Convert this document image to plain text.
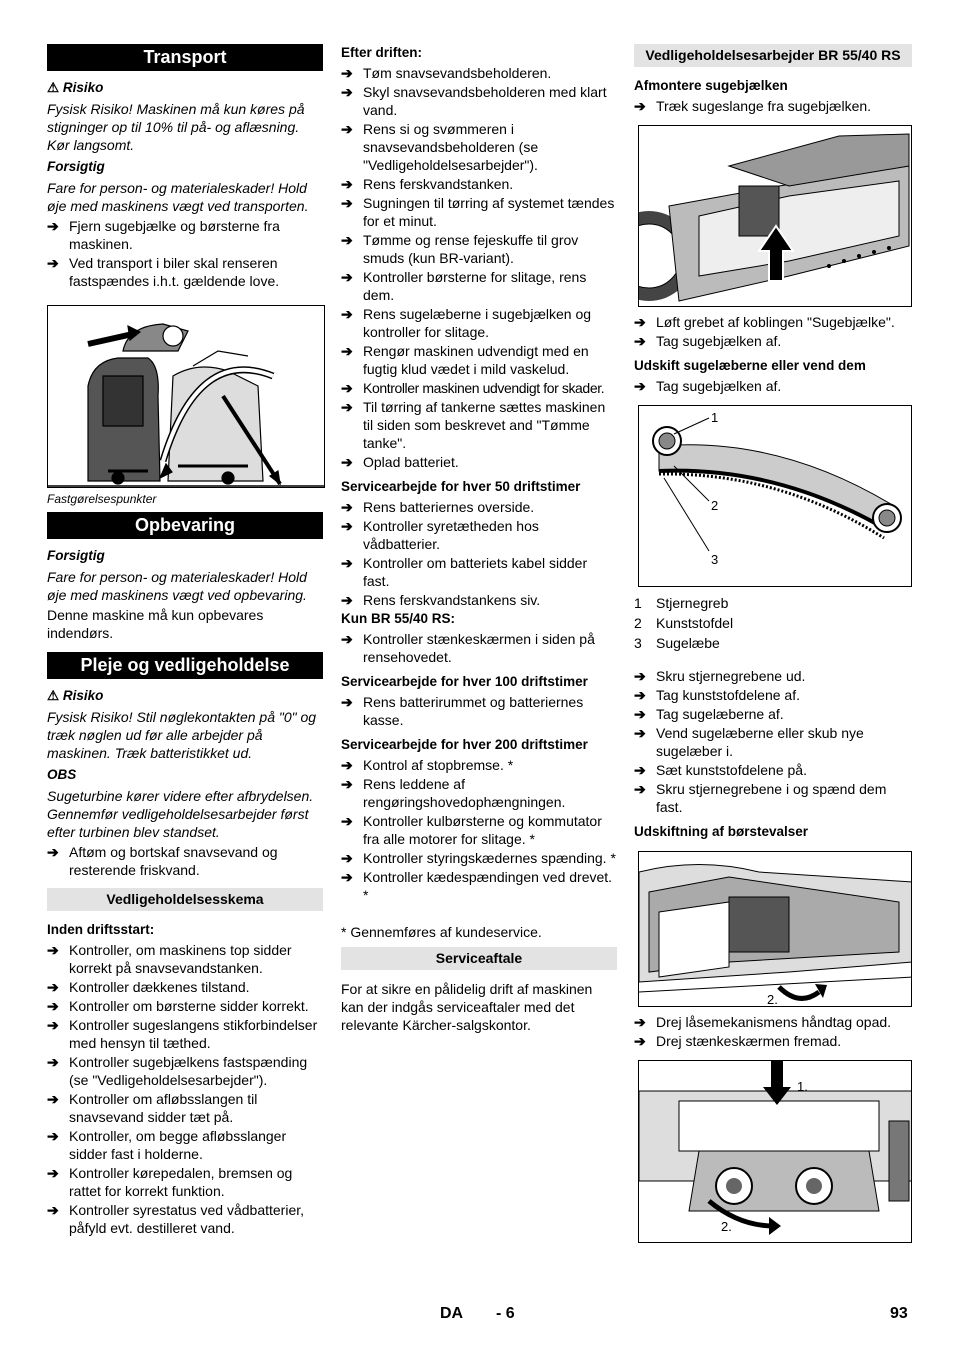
Transport
⚠ Risiko
Fysisk Risiko! Maskinen må kun køres på stigninger op til 10% til på- og aflæsning. Kør langsomt.
Forsigtig
Fare for person- og materialeskader! Hold øje med maskinens vægt ved transporten.
➔ Fjern sugebjælke og børsterne fra maskinen.
➔ Ved transport i biler skal renseren fastspændes i.h.t. gældende love.
Fastgørelsespunkter
Opbevaring
Forsigtig
Fare for person- og materialeskader! Hold øje med maskinens vægt ved opbevaring.

Denne maskine må kun opbevares indendørs.

Pleje og vedligeholdelse
⚠ Risiko
Fysisk Risiko! Stil nøglekontakten på "0" og træk nøglen ud før alle arbejder på maskinen. Træk batteristikket ud.
OBS
Sugeturbine kører videre efter afbrydelsen. Gennemfør vedligeholdelsesarbejder først efter turbinen blev standset.
➔ Aftøm og bortskaf snavsevand og resterende friskvand.
Vedligeholdelsesskema
Inden driftsstart:
➔ Kontroller, om maskinens top sidder korrekt på snavsevandstanken.
➔ Kontroller dækkenes tilstand.
➔ Kontroller om børsterne sidder korrekt.
➔ Kontroller sugeslangens stikforbindelser med hensyn til tæthed.
➔ Kontroller sugebjælkens fastspænding (se "Vedligeholdelsesarbejder").
➔ Kontroller om afløbsslangen til snavsevand sidder tæt på.
➔ Kontroller, om begge afløbsslanger sidder fast i holderne.
➔ Kontroller kørepedalen, bremsen og rattet for korrekt funktion.
➔ Kontroller syrestatus ved vådbatterier, påfyld evt. destilleret vand.
Efter driften:
➔ Tøm snavsevandsbeholderen.
➔ Skyl snavsevandsbeholderen med klart vand.
➔ Rens si og svømmeren i snavsevandsbeholderen (se "Vedligeholdelsesarbejder").
➔ Rens ferskvandstanken.
➔ Sugningen til tørring af systemet tændes for et minut.
➔ Tømme og rense fejeskuffe til grov smuds (kun BR-variant).
➔ Kontroller børsterne for slitage, rens dem.
➔ Rens sugelæberne i sugebjælken og kontroller for slitage.
➔ Rengør maskinen udvendigt med en fugtig klud vædet i mild vaskelud.
➔ Kontroller maskinen udvendigt for skader.
➔ Til tørring af tankerne sættes maskinen til siden som beskrevet and "Tømme tanke".
➔ Oplad batteriet.
Servicearbejde for hver 50 driftstimer
➔ Rens batteriernes overside.
➔ Kontroller syretætheden hos vådbatterier.
➔ Kontroller om batteriets kabel sidder fast.
➔ Rens ferskvandstankens siv.
Kun BR 55/40 RS:
➔ Kontroller stænkeskærmen i siden på rensehovedet.
Servicearbejde for hver 100 driftstimer
➔ Rens batterirummet og batteriernes kasse.
Servicearbejde for hver 200 driftstimer
➔ Kontrol af stopbremse. *
➔ Rens leddene af rengøringshovedophængningen.
➔ Kontroller kulbørsterne og kommutator fra alle motorer for slitage. *
➔ Kontroller styringskædernes spænding. *
➔ Kontroller kædespændingen ved drevet. *

* Gennemføres af kundeservice.

Serviceaftale

For at sikre en pålidelig drift af maskinen kan der indgås serviceaftaler med det relevante Kärcher-salgskontor.

Vedligeholdelsesarbejder BR 55/40 RS
Afmontere sugebjælken
➔ Træk sugeslange fra sugebjælken.
➔ Løft grebet af koblingen "Sugebjælke".
➔ Tag sugebjælken af.
Udskift sugelæberne eller vend dem
➔ Tag sugebjælken af.
1
2
3
1 Stjernegreb
2 Kunststofdel
3 Sugelæbe
➔ Skru stjernegrebene ud.
➔ Tag kunststofdelene af.
➔ Tag sugelæberne af.
➔ Vend sugelæberne eller skub nye sugelæber i.
➔ Sæt kunststofdelene på.
➔ Skru stjernegrebene i og spænd dem fast.
Udskiftning af børstevalser
2.
➔ Drej låsemekanismens håndtag opad.
➔ Drej stænkeskærmen fremad.
1.
2.
DA - 6	93
